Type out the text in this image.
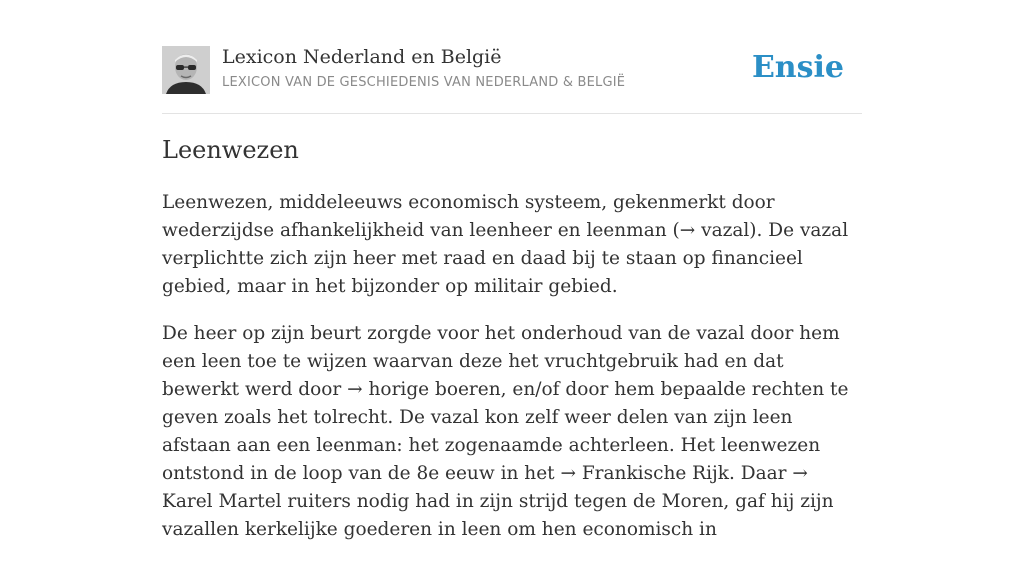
Lexicon Nederland en België
LEXICON VAN DE GESCHIEDENIS VAN NEDERLAND & BELGIË	Ensie
Leenwezen

Leenwezen, middeleeuws economisch systeem, gekenmerkt door wederzijdse afhankelijkheid van leenheer en leenman (→ vazal). De vazal verplichtte zich zijn heer met raad en daad bij te staan op financieel gebied, maar in het bijzonder op militair gebied.

De heer op zijn beurt zorgde voor het onderhoud van de vazal door hem een leen toe te wijzen waarvan deze het vruchtgebruik had en dat bewerkt werd door → horige boeren, en/of door hem bepaalde rechten te geven zoals het tolrecht. De vazal kon zelf weer delen van zijn leen afstaan aan een leenman: het zogenaamde achterleen. Het leenwezen ontstond in de loop van de 8e eeuw in het → Frankische Rijk. Daar → Karel Martel ruiters nodig had in zijn strijd tegen de Moren, gaf hij zijn vazallen kerkelijke goederen in leen om hen economisch in
